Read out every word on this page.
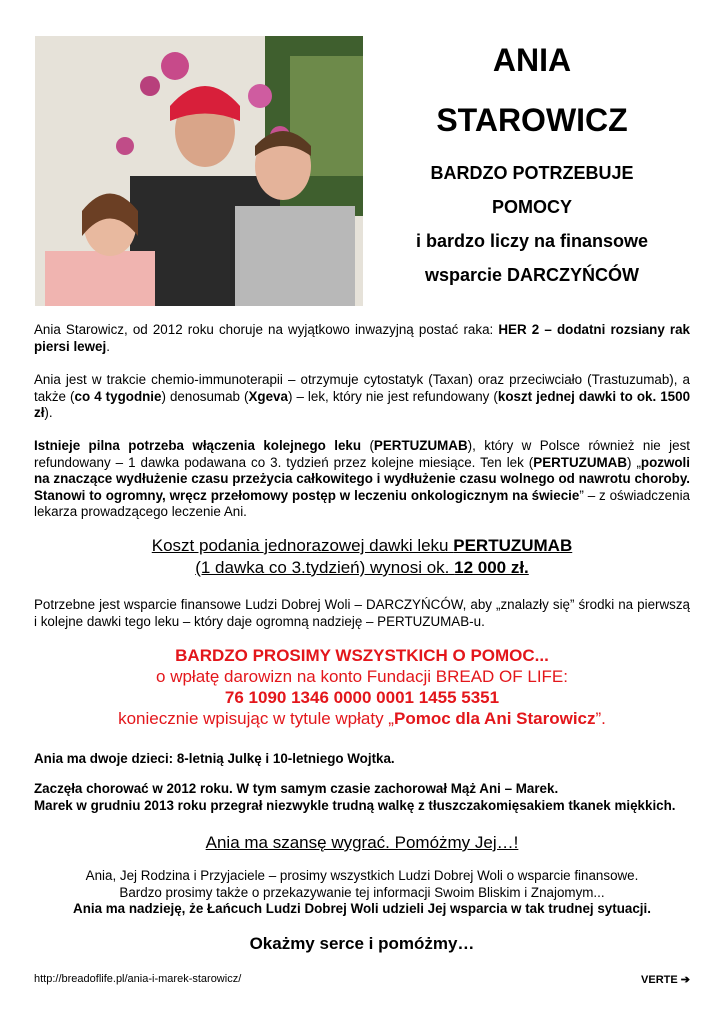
ANIA

STAROWICZ

BARDZO POTRZEBUJE

POMOCY

i bardzo liczy na finansowe

wsparcie DARCZYŃCÓW

Ania Starowicz, od 2012 roku choruje na wyjątkowo inwazyjną postać raka: HER 2 – dodatni rozsiany rak piersi lewej.

Ania jest w trakcie chemio-immunoterapii – otrzymuje cytostatyk (Taxan) oraz przeciwciało (Trastuzumab), a także (co 4 tygodnie) denosumab (Xgeva) – lek, który nie jest refundowany (koszt jednej dawki to ok. 1500 zł).

Istnieje pilna potrzeba włączenia kolejnego leku (PERTUZUMAB), który w Polsce również nie jest refundowany – 1 dawka podawana co 3. tydzień przez kolejne miesiące. Ten lek (PERTUZUMAB) „pozwoli na znaczące wydłużenie czasu przeżycia całkowitego i wydłużenie czasu wolnego od nawrotu choroby. Stanowi to ogromny, wręcz przełomowy postęp w leczeniu onkologicznym na świecie” – z oświadczenia lekarza prowadzącego leczenie Ani.

Koszt podania jednorazowej dawki leku PERTUZUMAB
(1 dawka co 3.tydzień) wynosi ok. 12 000 zł.

Potrzebne jest wsparcie finansowe Ludzi Dobrej Woli – DARCZYŃCÓW, aby „znalazły się” środki na pierwszą i kolejne dawki tego leku – który daje ogromną nadzieję – PERTUZUMAB-u.

BARDZO PROSIMY WSZYSTKICH O POMOC...
o wpłatę darowizn na konto Fundacji BREAD OF LIFE:
76 1090 1346 0000 0001 1455 5351
koniecznie wpisując w tytule wpłaty „Pomoc dla Ani Starowicz”.

Ania ma dwoje dzieci: 8-letnią Julkę i 10-letniego Wojtka.

Zaczęła chorować w 2012 roku. W tym samym czasie zachorował Mąż Ani – Marek.
Marek w grudniu 2013 roku przegrał niezwykle trudną walkę z tłuszczakomięsakiem tkanek miękkich.
Ania ma szansę wygrać. Pomóżmy Jej…!
Ania, Jej Rodzina i Przyjaciele – prosimy wszystkich Ludzi Dobrej Woli o wsparcie finansowe.
Bardzo prosimy także o przekazywanie tej informacji Swoim Bliskim i Znajomym...
Ania ma nadzieję, że Łańcuch Ludzi Dobrej Woli udzieli Jej wsparcia w tak trudnej sytuacji.
Okażmy serce i pomóżmy…
http://breadoflife.pl/ania-i-marek-starowicz/	VERTE ➔
